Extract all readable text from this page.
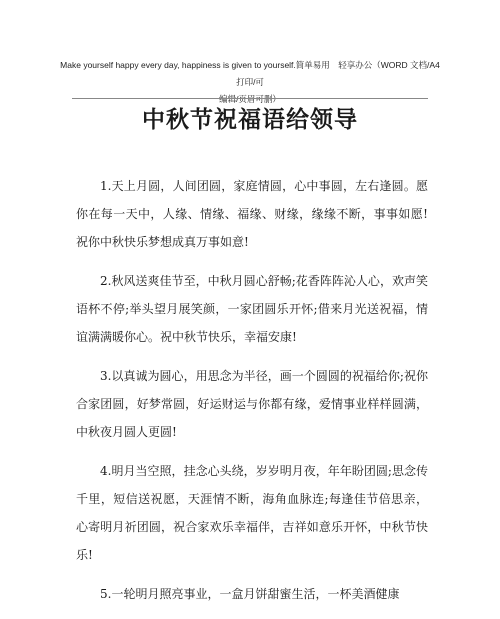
Make yourself happy every day, happiness is given to yourself.简单易用　轻享办公（WORD 文档/A4 打印/可
编辑/页眉可删）
中秋节祝福语给领导

1.天上月圆，人间团圆，家庭情圆，心中事圆，左右逢圆。愿你在每一天中，人缘、情缘、福缘、财缘，缘缘不断，事事如愿!祝你中秋快乐梦想成真万事如意!

2.秋风送爽佳节至，中秋月圆心舒畅;花香阵阵沁人心，欢声笑语杯不停;举头望月展笑颜，一家团圆乐开怀;借来月光送祝福，情谊满满暖你心。祝中秋节快乐，幸福安康!

3.以真诚为圆心，用思念为半径，画一个圆圆的祝福给你;祝你合家团圆，好梦常圆，好运财运与你都有缘，爱情事业样样圆满，中秋夜月圆人更圆!

4.明月当空照，挂念心头绕，岁岁明月夜，年年盼团圆;思念传千里，短信送祝愿，天涯情不断，海角血脉连;每逢佳节倍思亲，心寄明月祈团圆，祝合家欢乐幸福伴，吉祥如意乐开怀，中秋节快乐!

5.一轮明月照亮事业，一盒月饼甜蜜生活，一杯美酒健康
